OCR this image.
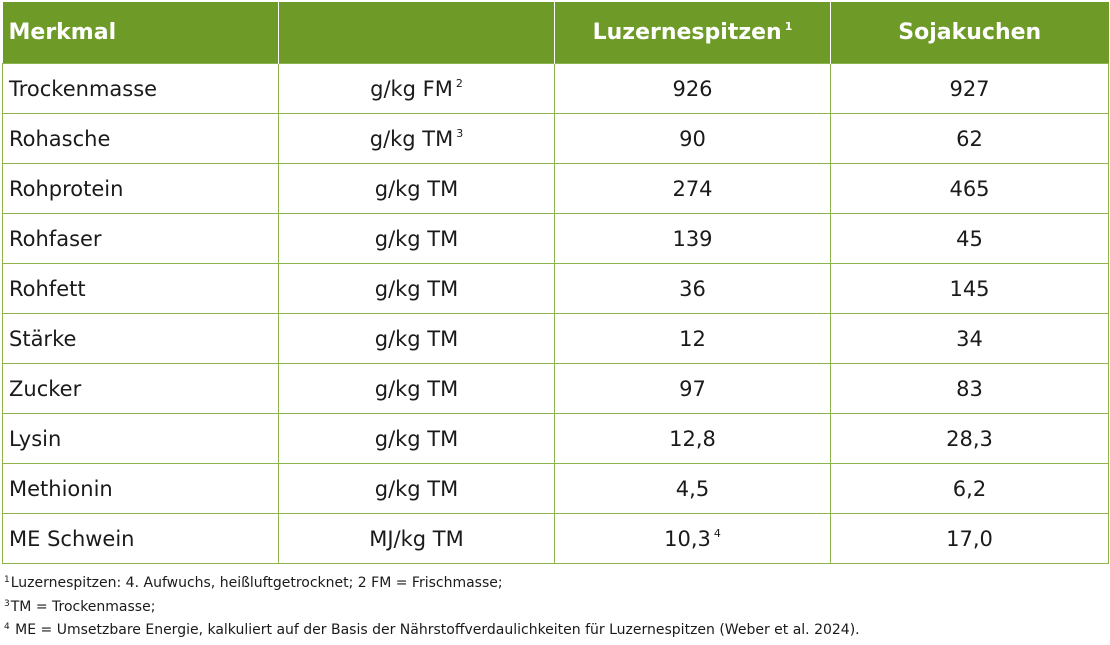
Merkmal		Luzernespitzen $^1$	Sojakuchen
Trockenmasse	g/kg FM $^2$	926	927
Rohasche	g/kg TM $^3$	90	62
Rohprotein	g/kg TM	274	465
Rohfaser	g/kg TM	139	45
Rohfett	g/kg TM	36	145
Stärke	g/kg TM	12	34
Zucker	g/kg TM	97	83
Lysin	g/kg TM	12,8	28,3
Methionin	g/kg TM	4,5	6,2
ME Schwein	MJ/kg TM	10,3 $^4$	17,0
$^1$Luzernespitzen: 4. Aufwuchs, heißluftgetrocknet; 2 FM = Frischmasse;
$^3$TM = Trockenmasse;
$^4$ ME = Umsetzbare Energie, kalkuliert auf der Basis der Nährstoffverdaulichkeiten für Luzernespitzen (Weber et al. 2024).
